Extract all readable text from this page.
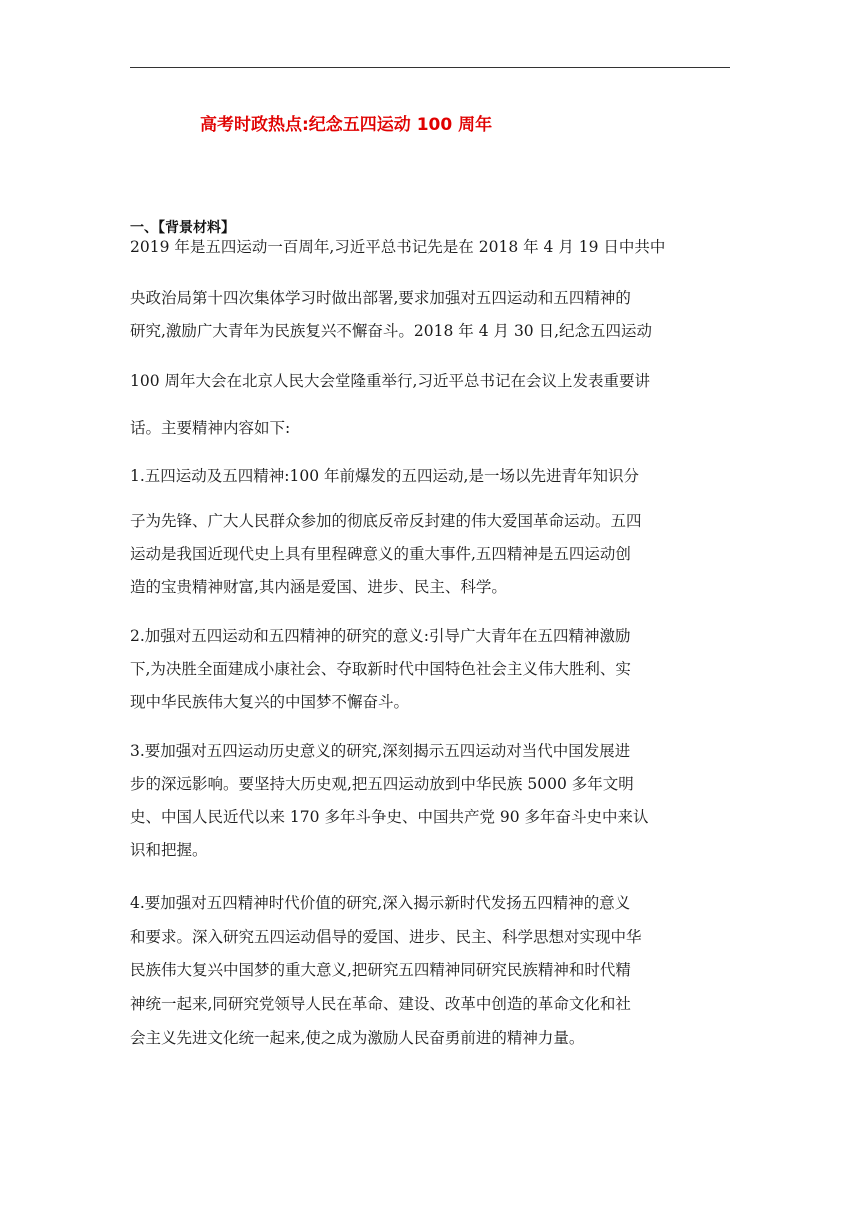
高考时政热点:纪念五四运动 100 周年
一、【背景材料】

2019 年是五四运动一百周年,习近平总书记先是在 2018 年 4 月 19 日中共中

央政治局第十四次集体学习时做出部署,要求加强对五四运动和五四精神的

研究,激励广大青年为民族复兴不懈奋斗。2018 年 4 月 30 日,纪念五四运动

100 周年大会在北京人民大会堂隆重举行,习近平总书记在会议上发表重要讲

话。主要精神内容如下:

1.五四运动及五四精神:100 年前爆发的五四运动,是一场以先进青年知识分

子为先锋、广大人民群众参加的彻底反帝反封建的伟大爱国革命运动。五四

运动是我国近现代史上具有里程碑意义的重大事件,五四精神是五四运动创

造的宝贵精神财富,其内涵是爱国、进步、民主、科学。

2.加强对五四运动和五四精神的研究的意义:引导广大青年在五四精神激励

下,为决胜全面建成小康社会、夺取新时代中国特色社会主义伟大胜利、实

现中华民族伟大复兴的中国梦不懈奋斗。

3.要加强对五四运动历史意义的研究,深刻揭示五四运动对当代中国发展进

步的深远影响。要坚持大历史观,把五四运动放到中华民族 5000 多年文明

史、中国人民近代以来 170 多年斗争史、中国共产党 90 多年奋斗史中来认

识和把握。

4.要加强对五四精神时代价值的研究,深入揭示新时代发扬五四精神的意义

和要求。深入研究五四运动倡导的爱国、进步、民主、科学思想对实现中华

民族伟大复兴中国梦的重大意义,把研究五四精神同研究民族精神和时代精

神统一起来,同研究党领导人民在革命、建设、改革中创造的革命文化和社

会主义先进文化统一起来,使之成为激励人民奋勇前进的精神力量。
